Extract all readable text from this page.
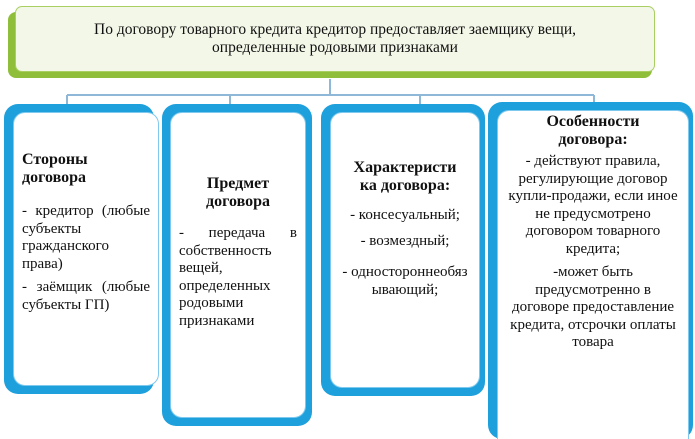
По договору товарного кредита кредитор предоставляет заемщику вещи,

определенные родовыми признаками

Стороны

договора

- кредитор (любые субъекты гражданского права)

- заёмщик (любые субъекты ГП)

Предмет

договора

- передача в собственность вещей, определенных родовыми признаками

Характеристи

ка договора:

- консесуальный;

- возмездный;

- одностороннеобязывающий;

Особенности

договора:

- действуют правила, регулирующие договор купли-продажи, если иное не предусмотрено договором товарного кредита;

-может быть предусмотренно в договоре предоставление кредита, отсрочки оплаты товара
